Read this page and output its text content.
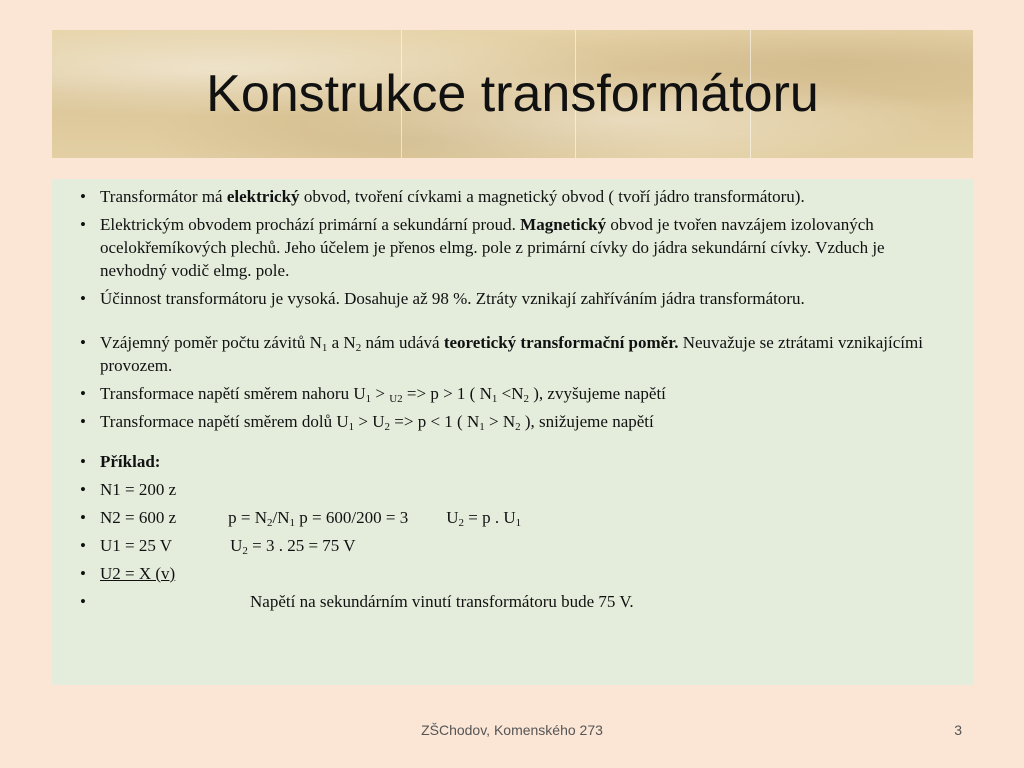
Konstrukce transformátoru
• Transformátor má elektrický obvod, tvoření cívkami a magnetický obvod ( tvoří jádro transformátoru).
• Elektrickým obvodem prochází primární a sekundární proud. Magnetický obvod je tvořen navzájem izolovaných ocelokřemíkových plechů. Jeho účelem je přenos elmg. pole z primární cívky do jádra sekundární cívky. Vzduch je nevhodný vodič elmg. pole.
• Účinnost transformátoru je vysoká. Dosahuje až 98 %. Ztráty vznikají zahříváním jádra transformátoru.
• Vzájemný poměr počtu závitů $N_1$ a $N_2$ nám udává teoretický transformační poměr. Neuvažuje se ztrátami vznikajícími provozem.
• Transformace napětí směrem nahoru $U_1 > _{U2} => p > 1$ ( $N_1 <N_2$ ), zvyšujeme napětí
• Transformace napětí směrem dolů $U_1 > U_2 => p < 1$ ( $N_1 > N_2$ ), snižujeme napětí
• Příklad:
• N1 = 200 z
• N2 = 600 z	$p = N_2/N_1$ p = 600/200 = 3 $U_2 = p$ . $U_1$
• U1 = 25 V	$U_2 = 3$ . 25 = 75 V
• U2 = X (v)
• Napětí na sekundárním vinutí transformátoru bude 75 V.
ZŠChodov, Komenského 273	3
